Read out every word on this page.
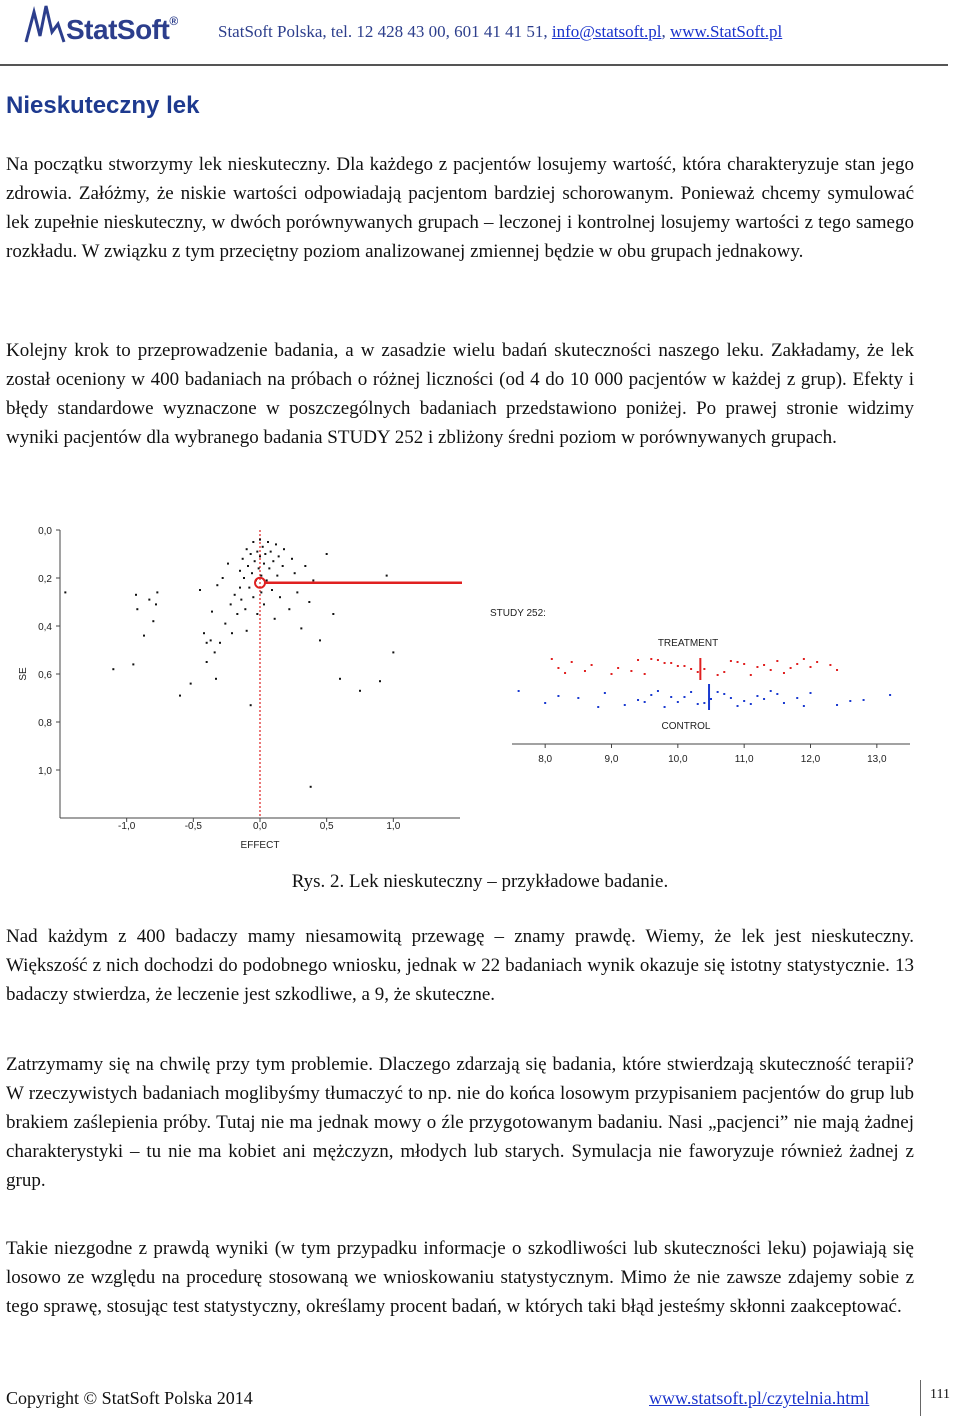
StatSoft®
StatSoft Polska, tel. 12 428 43 00, 601 41 41 51, info@statsoft.pl, www.StatSoft.pl
Nieskuteczny lek

Na początku stworzymy lek nieskuteczny. Dla każdego z pacjentów losujemy wartość, która charakteryzuje stan jego zdrowia. Załóżmy, że niskie wartości odpowiadają pacjentom bardziej schorowanym. Ponieważ chcemy symulować lek zupełnie nieskuteczny, w dwóch porównywanych grupach – leczonej i kontrolnej losujemy wartości z tego samego rozkładu. W związku z tym przeciętny poziom analizowanej zmiennej będzie w obu grupach jednakowy.

Kolejny krok to przeprowadzenie badania, a w zasadzie wielu badań skuteczności naszego leku. Zakładamy, że lek został oceniony w 400 badaniach na próbach o różnej liczności (od 4 do 10 000 pacjentów w każdej z grup). Efekty i błędy standardowe wyznaczone w poszczególnych badaniach przedstawiono poniżej. Po prawej stronie widzimy wyniki pacjentów dla wybranego badania STUDY 252 i zbliżony średni poziom w porównywanych grupach.

0,0
0,2
0,4
0,6
0,8
1,0
-1,0	-0,5	0,0	0,5	1,0
EFFECT
SE
STUDY 252:
8,0	9,0	10,0	11,0	12,0	13,0
TREATMENT
CONTROL
Rys. 2. Lek nieskuteczny – przykładowe badanie.

Nad każdym z 400 badaczy mamy niesamowitą przewagę – znamy prawdę. Wiemy, że lek jest nieskuteczny. Większość z nich dochodzi do podobnego wniosku, jednak w 22 badaniach wynik okazuje się istotny statystycznie. 13 badaczy stwierdza, że leczenie jest szkodliwe, a 9, że skuteczne.

Zatrzymamy się na chwilę przy tym problemie. Dlaczego zdarzają się badania, które stwierdzają skuteczność terapii? W rzeczywistych badaniach moglibyśmy tłumaczyć to np. nie do końca losowym przypisaniem pacjentów do grup lub brakiem zaślepienia próby. Tutaj nie ma jednak mowy o źle przygotowanym badaniu. Nasi „pacjenci” nie mają żadnej charakterystyki – tu nie ma kobiet ani mężczyzn, młodych lub starych. Symulacja nie faworyzuje również żadnej z grup.

Takie niezgodne z prawdą wyniki (w tym przypadku informacje o szkodliwości lub skuteczności leku) pojawiają się losowo ze względu na procedurę stosowaną we wnioskowaniu statystycznym. Mimo że nie zawsze zdajemy sobie z tego sprawę, stosując test statystyczny, określamy procent badań, w których taki błąd jesteśmy skłonni zaakceptować.

Copyright © StatSoft Polska 2014	www.statsoft.pl/czytelnia.html	111
